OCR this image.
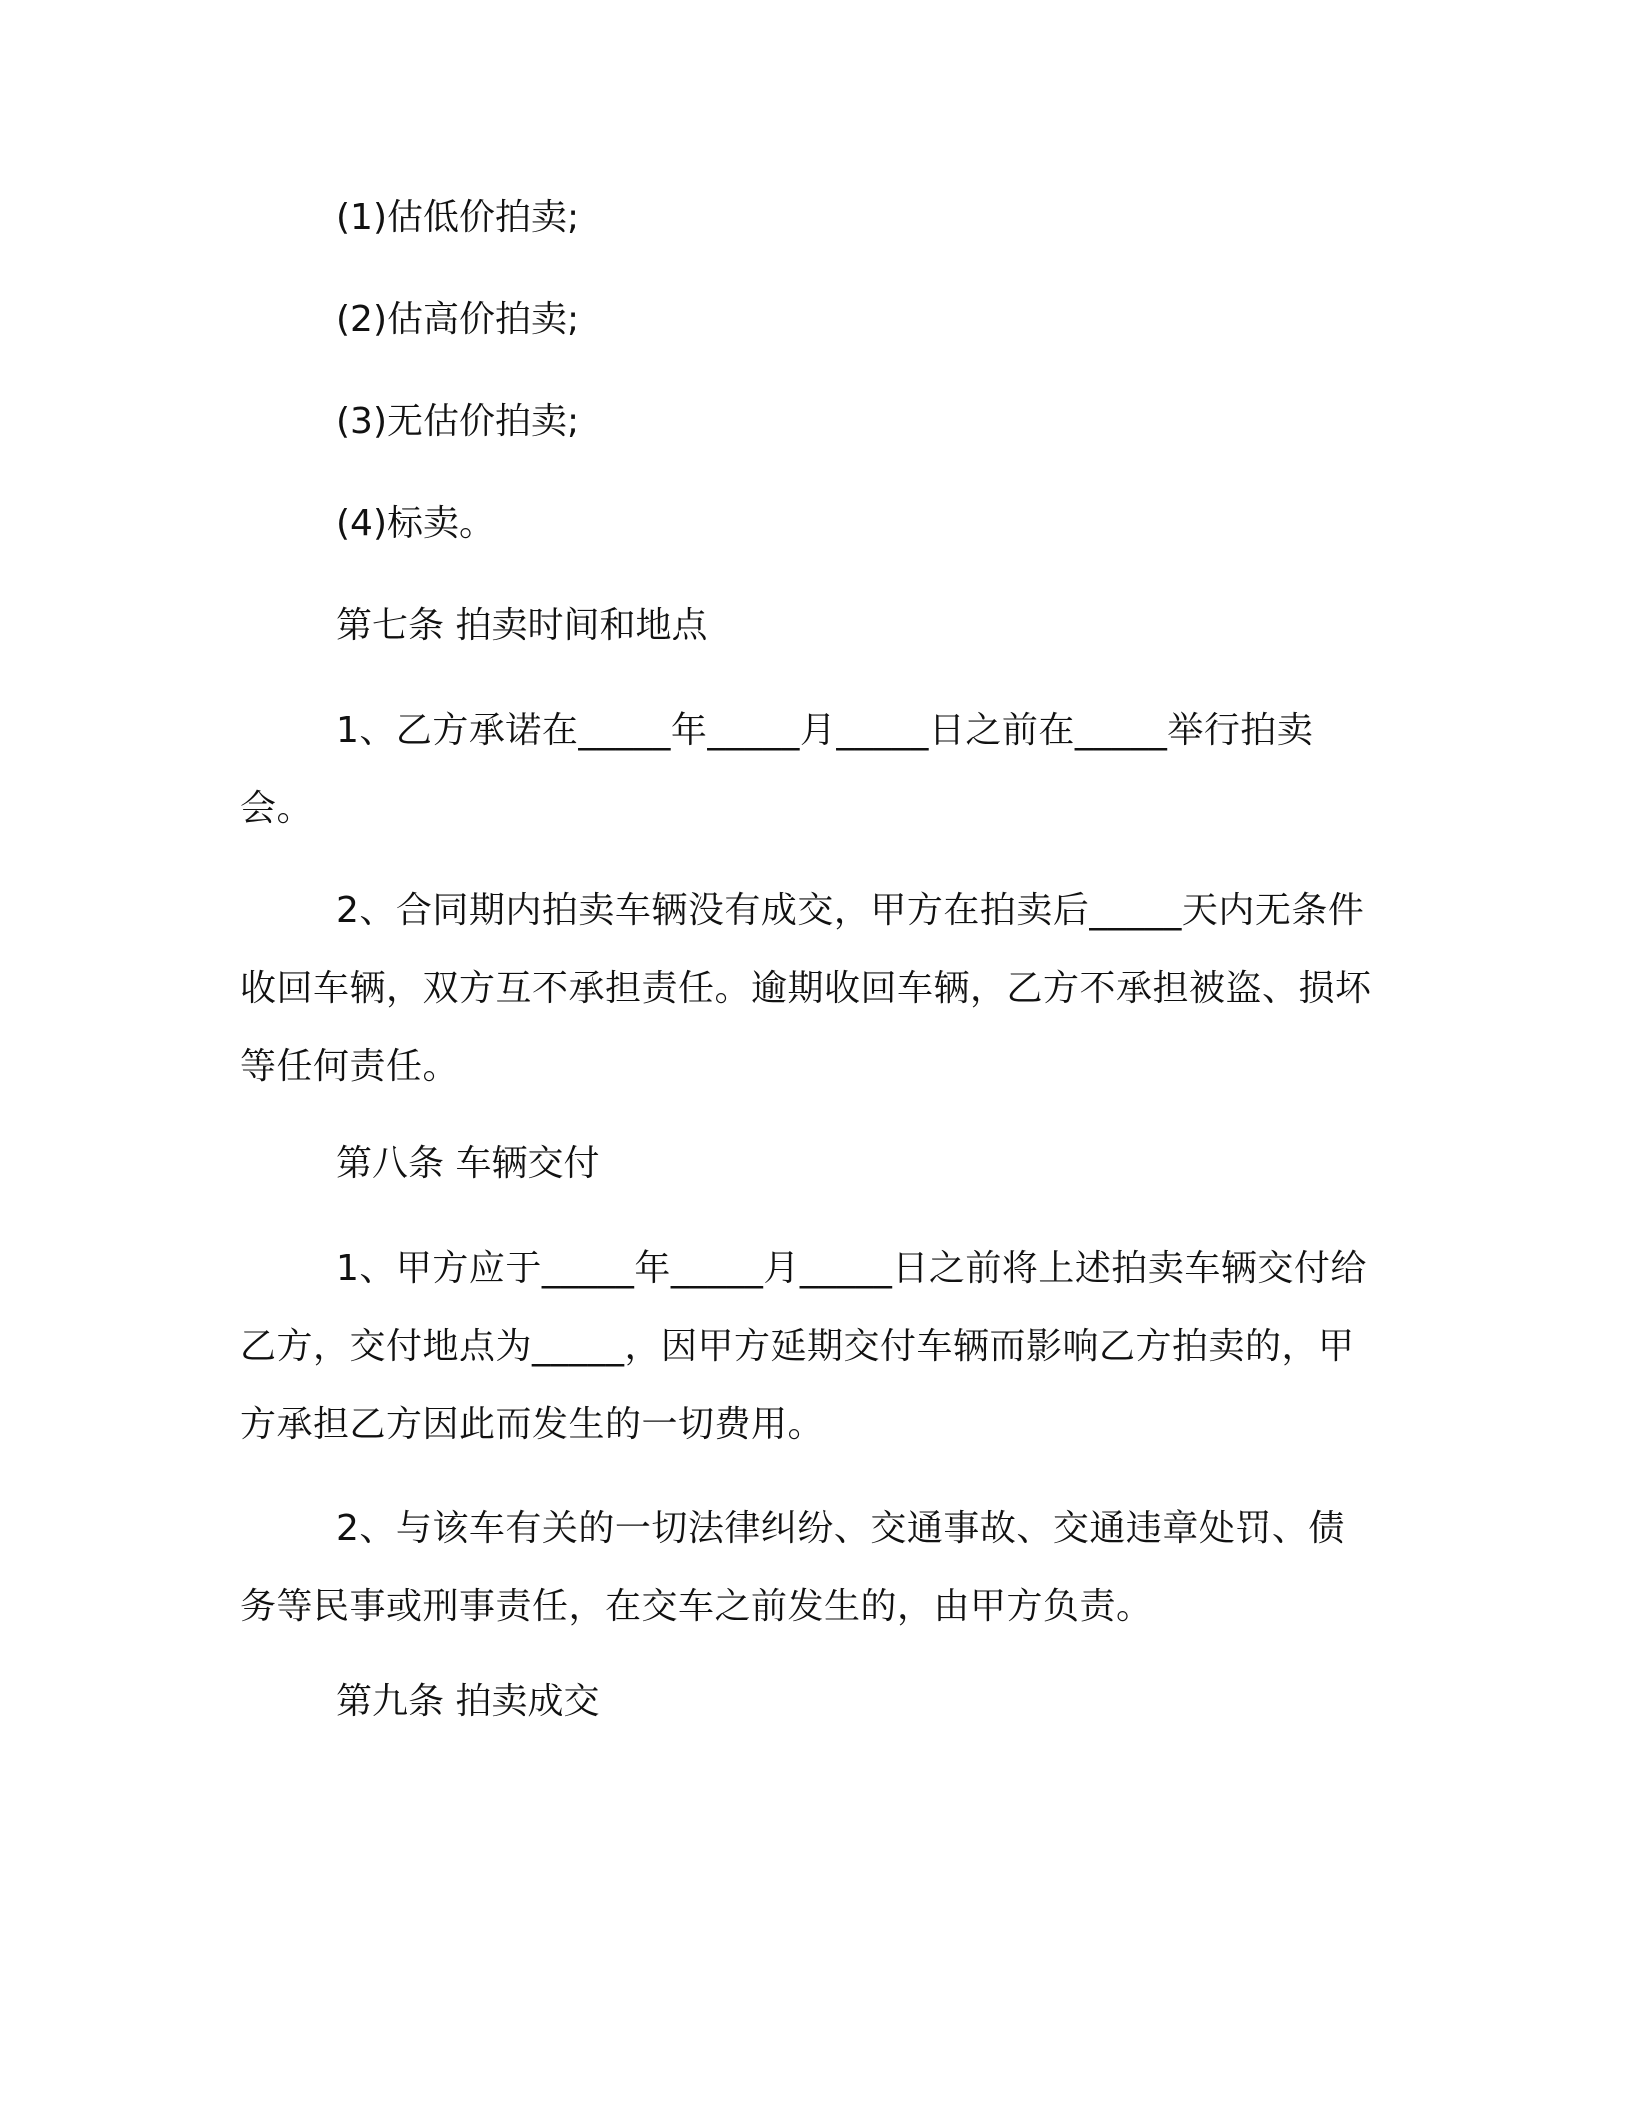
(1)估低价拍卖;
(2)估高价拍卖;
(3)无估价拍卖;
(4)标卖。
第七条 拍卖时间和地点
1、乙方承诺在_____年_____月_____日之前在_____举行拍卖会。
2、合同期内拍卖车辆没有成交，甲方在拍卖后_____天内无条件收回车辆，双方互不承担责任。逾期收回车辆，乙方不承担被盗、损坏等任何责任。
第八条 车辆交付
1、甲方应于_____年_____月_____日之前将上述拍卖车辆交付给乙方，交付地点为_____，因甲方延期交付车辆而影响乙方拍卖的，甲方承担乙方因此而发生的一切费用。
2、与该车有关的一切法律纠纷、交通事故、交通违章处罚、债务等民事或刑事责任，在交车之前发生的，由甲方负责。
第九条 拍卖成交
